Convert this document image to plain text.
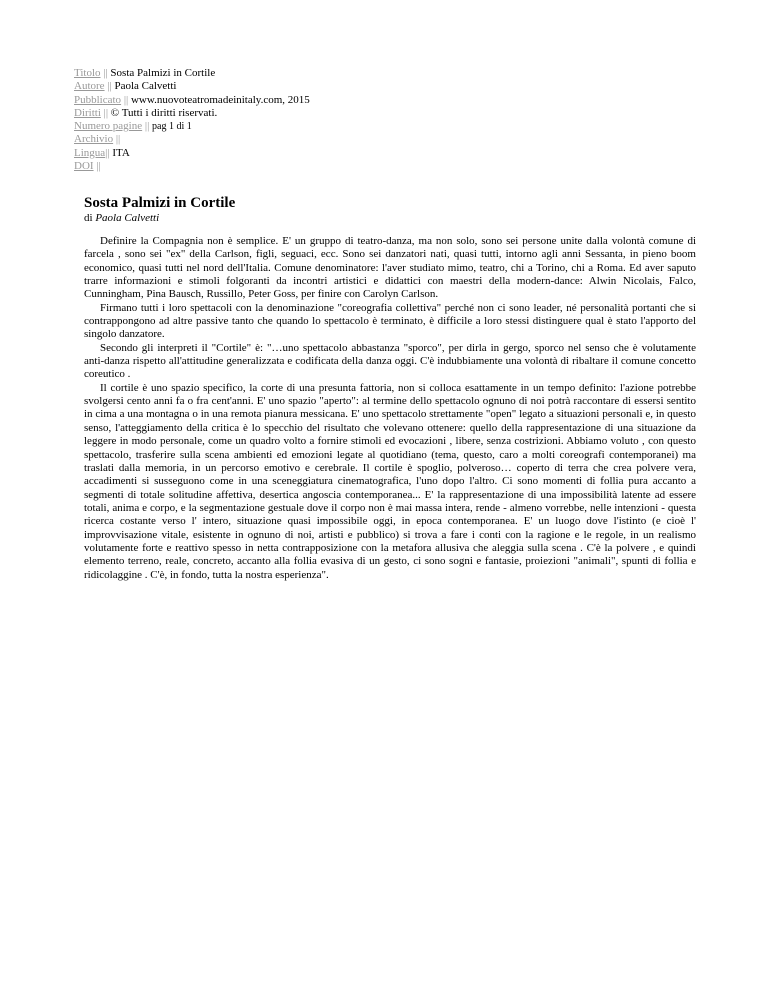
Titolo || Sosta Palmizi in Cortile
Autore || Paola Calvetti
Pubblicato || www.nuovoteatromadeinitaly.com, 2015
Diritti || © Tutti i diritti riservati.
Numero pagine || pag 1 di 1
Archivio ||
Lingua|| ITA
DOI ||
Sosta Palmizi in Cortile

di Paola Calvetti

Definire la Compagnia non è semplice. E' un gruppo di teatro-danza, ma non solo, sono sei persone unite dalla volontà comune di farcela , sono sei "ex" della Carlson, figli, seguaci, ecc. Sono sei danzatori nati, quasi tutti, intorno agli anni Sessanta, in pieno boom economico, quasi tutti nel nord dell'Italia. Comune denominatore: l'aver studiato mimo, teatro, chi a Torino, chi a Roma. Ed aver saputo trarre informazioni e stimoli folgoranti da incontri artistici e didattici con maestri della modern-dance: Alwin Nicolais, Falco, Cunningham, Pina Bausch, Russillo, Peter Goss, per finire con Carolyn Carlson.

Firmano tutti i loro spettacoli con la denominazione "coreografia collettiva" perché non ci sono leader, né personalità portanti che si contrappongono ad altre passive tanto che quando lo spettacolo è terminato, è difficile a loro stessi distinguere qual è stato l'apporto del singolo danzatore.

Secondo gli interpreti il "Cortile" è: "…uno spettacolo abbastanza "sporco", per dirla in gergo, sporco nel senso che è volutamente anti-danza rispetto all'attitudine generalizzata e codificata della danza oggi. C'è indubbiamente una volontà di ribaltare il comune concetto coreutico .

Il cortile è uno spazio specifico, la corte di una presunta fattoria, non si colloca esattamente in un tempo definito: l'azione potrebbe svolgersi cento anni fa o fra cent'anni. E' uno spazio "aperto": al termine dello spettacolo ognuno di noi potrà raccontare di essersi sentito in cima a una montagna o in una remota pianura messicana. E' uno spettacolo strettamente "open" legato a situazioni personali e, in questo senso, l'atteggiamento della critica è lo specchio del risultato che volevano ottenere: quello della rappresentazione di una situazione da leggere in modo personale, come un quadro volto a fornire stimoli ed evocazioni , libere, senza costrizioni. Abbiamo voluto , con questo spettacolo, trasferire sulla scena ambienti ed emozioni legate al quotidiano (tema, questo, caro a molti coreografi contemporanei) ma traslati dalla memoria, in un percorso emotivo e cerebrale. Il cortile è spoglio, polveroso… coperto di terra che crea polvere vera, accadimenti si susseguono come in una sceneggiatura cinematografica, l'uno dopo l'altro. Ci sono momenti di follia pura accanto a segmenti di totale solitudine affettiva, desertica angoscia contemporanea... E' la rappresentazione di una impossibilità latente ad essere totali, anima e corpo, e la segmentazione gestuale dove il corpo non è mai massa intera, rende - almeno vorrebbe, nelle intenzioni - questa ricerca costante verso l' intero, situazione quasi impossibile oggi, in epoca contemporanea. E' un luogo dove l'istinto (e cioè l' improvvisazione vitale, esistente in ognuno di noi, artisti e pubblico) si trova a fare i conti con la ragione e le regole, in un realismo volutamente forte e reattivo spesso in netta contrapposizione con la metafora allusiva che aleggia sulla scena . C'è la polvere , e quindi elemento terreno, reale, concreto, accanto alla follia evasiva di un gesto, ci sono sogni e fantasie, proiezioni "animali", spunti di follia e ridicolaggine . C'è, in fondo, tutta la nostra esperienza".
